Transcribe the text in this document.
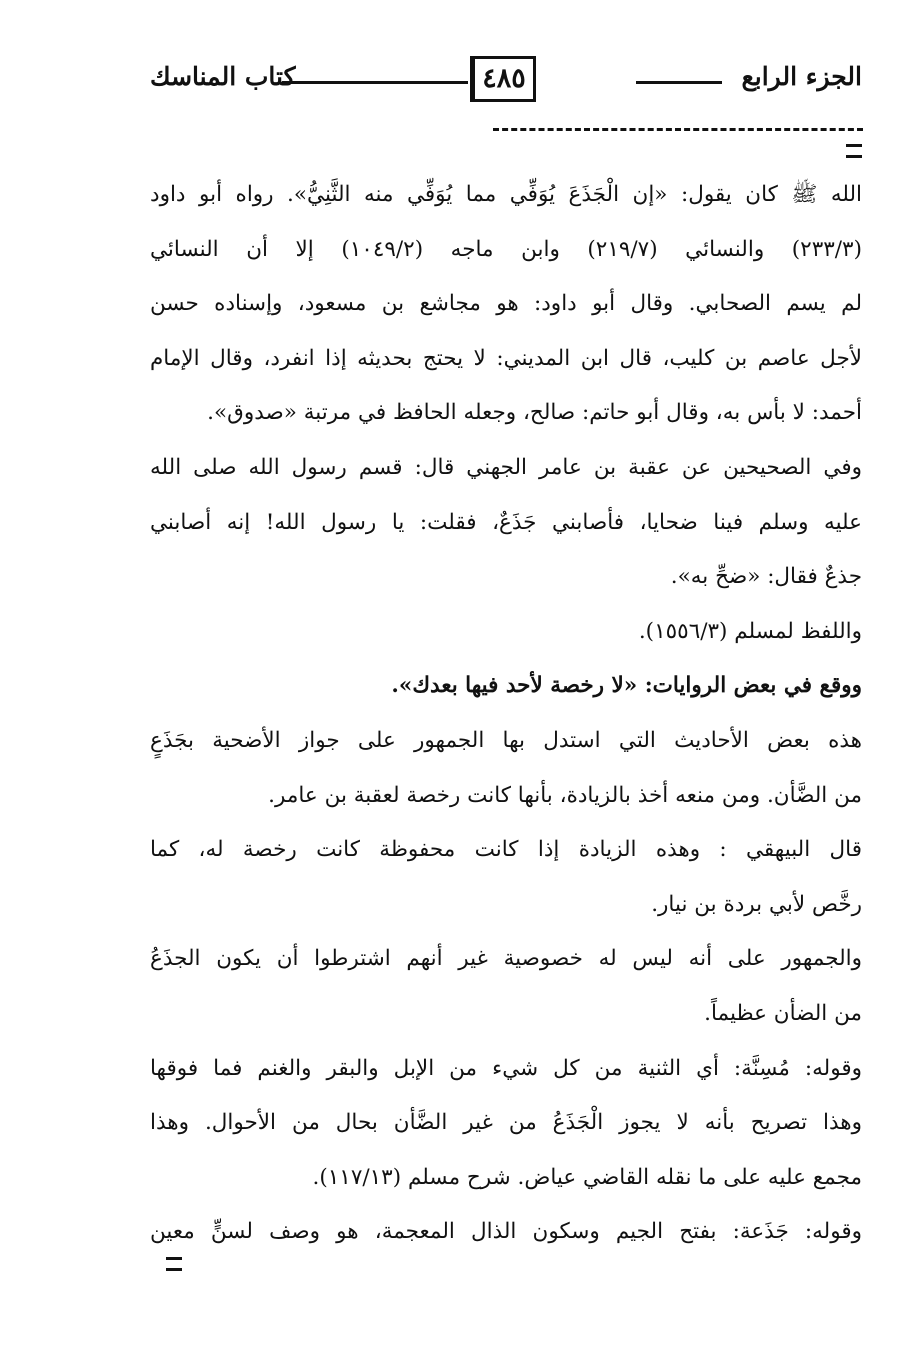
الجزء الرابع
٤٨٥
كتاب المناسك

الله ﷺ كان يقول: «إن الْجَذَعَ يُوَفِّي مما يُوَفِّي منه الثَّنِيُّ». رواه أبو داود

(٢٣٣/٣) والنسائي (٢١٩/٧) وابن ماجه (١٠٤٩/٢) إلا أن النسائي

لم يسم الصحابي. وقال أبو داود: هو مجاشع بن مسعود، وإسناده حسن

لأجل عاصم بن كليب، قال ابن المديني: لا يحتج بحديثه إذا انفرد، وقال الإمام

أحمد: لا بأس به، وقال أبو حاتم: صالح، وجعله الحافظ في مرتبة «صدوق».

وفي الصحيحين عن عقبة بن عامر الجهني قال: قسم رسول الله صلى الله

عليه وسلم فينا ضحايا، فأصابني جَذَعٌ، فقلت: يا رسول الله! إنه أصابني

جذعٌ فقال: «ضحِّ به».

واللفظ لمسلم (١٥٥٦/٣).

ووقع في بعض الروايات: «لا رخصة لأحد فيها بعدك».

هذه بعض الأحاديث التي استدل بها الجمهور على جواز الأضحية بجَذَعٍ

من الضَّأن. ومن منعه أخذ بالزيادة، بأنها كانت رخصة لعقبة بن عامر.

قال البيهقي : وهذه الزيادة إذا كانت محفوظة كانت رخصة له، كما

رخَّص لأبي بردة بن نيار.

والجمهور على أنه ليس له خصوصية غير أنهم اشترطوا أن يكون الجذَعُ

من الضأن عظيماً.

وقوله: مُسِنَّة: أي الثنية من كل شيء من الإبل والبقر والغنم فما فوقها

وهذا تصريح بأنه لا يجوز الْجَذَعُ من غير الضَّأن بحال من الأحوال. وهذا

مجمع عليه على ما نقله القاضي عياض. شرح مسلم (١١٧/١٣).

وقوله: جَذَعة: بفتح الجيم وسكون الذال المعجمة، هو وصف لسنٍّ معين
